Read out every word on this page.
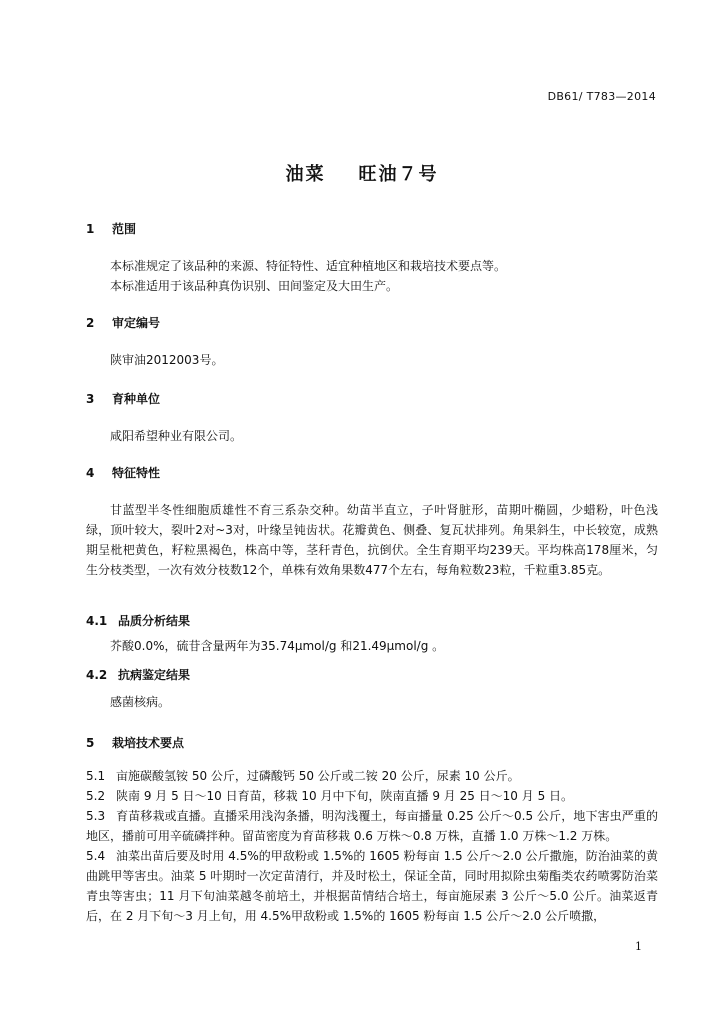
DB61/ T783—2014
油菜    旺油７号
1 范围

本标准规定了该品种的来源、特征特性、适宜种植地区和栽培技术要点等。

本标准适用于该品种真伪识别、田间鉴定及大田生产。

2 审定编号

陕审油2012003号。

3 育种单位

咸阳希望种业有限公司。

4 特征特性

甘蓝型半冬性细胞质雄性不育三系杂交种。幼苗半直立，子叶肾脏形，苗期叶椭圆，少蜡粉，叶色浅绿，顶叶较大，裂叶2对~3对，叶缘呈钝齿状。花瓣黄色、侧叠、复瓦状排列。角果斜生，中长较宽，成熟期呈枇杷黄色，籽粒黑褐色，株高中等，茎秆青色，抗倒伏。全生育期平均239天。平均株高178厘米，匀生分枝类型，一次有效分枝数12个，单株有效角果数477个左右，每角粒数23粒，千粒重3.85克。

4.1 品质分析结果

芥酸0.0%，硫苷含量两年为35.74μmol/g 和21.49μmol/g 。

4.2 抗病鉴定结果

感菌核病。

5 栽培技术要点

5.1 亩施碳酸氢铵 50 公斤，过磷酸钙 50 公斤或二铵 20 公斤，尿素 10 公斤。

5.2 陕南 9 月 5 日～10 日育苗，移栽 10 月中下旬，陕南直播 9 月 25 日～10 月 5 日。

5.3 育苗移栽或直播。直播采用浅沟条播，明沟浅覆土，每亩播量 0.25 公斤～0.5 公斤，地下害虫严重的地区，播前可用辛硫磷拌种。留苗密度为育苗移栽 0.6 万株～0.8 万株，直播 1.0 万株～1.2 万株。

5.4 油菜出苗后要及时用 4.5%的甲敌粉或 1.5%的 1605 粉每亩 1.5 公斤～2.0 公斤撒施，防治油菜的黄曲跳甲等害虫。油菜 5 叶期时一次定苗清行，并及时松土，保证全苗，同时用拟除虫菊酯类农药喷雾防治菜青虫等害虫；11 月下旬油菜越冬前培土，并根据苗情结合培土，每亩施尿素 3 公斤～5.0 公斤。油菜返青后，在 2 月下旬～3 月上旬，用 4.5%甲敌粉或 1.5%的 1605 粉每亩 1.5 公斤～2.0 公斤喷撒，

1
